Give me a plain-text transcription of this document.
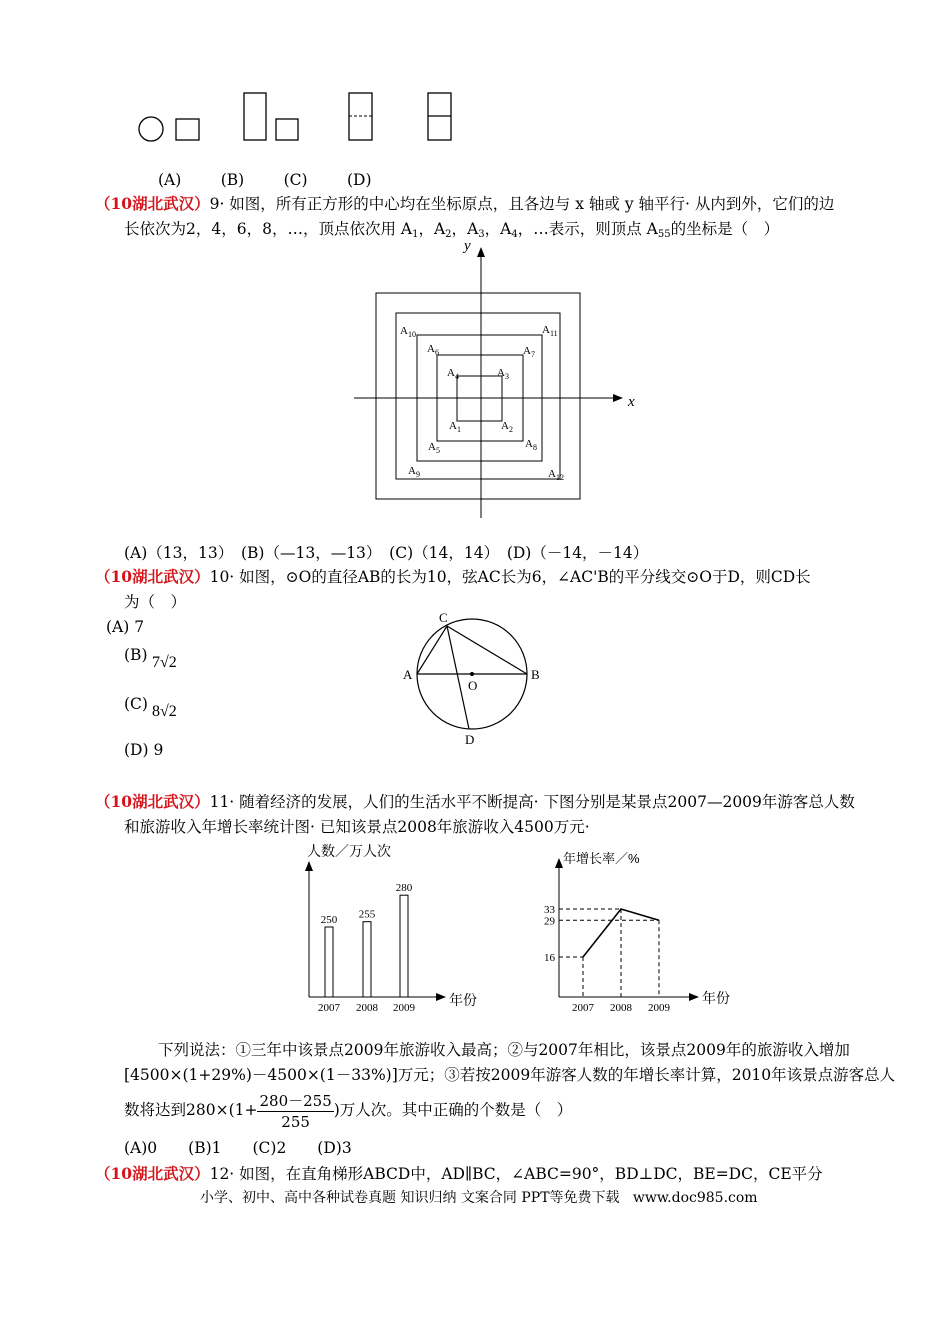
(A)        (B)        (C)        (D)
（10湖北武汉）9· 如图，所有正方形的中心均在坐标原点，且各边与 x 轴或 y 轴平行· 从内到外，它们的边
长依次为2，4，6，8，…，顶点依次用 $A_1$，$A_2$，$A_3$，$A_4$，…表示，则顶点 $A_{55}$的坐标是（　）
x
y
$A_1$	$A_2$
$A_3$
$A_4$
$A_5$
$A_6$	$A_7$
$A_8$
$A_9$
$A_{10}$	$A_{11}$
$A_{12}$
(A)（13，13）　(B)（—13，—13）　(C)（14，14）　(D)（－14，－14）
（10湖北武汉）10· 如图，⊙O的直径AB的长为10，弦AC长为6，∠AC'B的平分线交⊙O于D，则CD长
为（　）
(A) 7
(B) 7√2
(C) 8√2
(D) 9
C
A	B
O
D
（10湖北武汉）11· 随着经济的发展，人们的生活水平不断提高· 下图分别是某景点2007—2009年游客总人数
和旅游收入年增长率统计图· 已知该景点2008年旅游收入4500万元·
人数／万人次
年份
250
2007
255
2008
280
2009
年增长率／%
年份
16
29
33
2007 2008 2009
下列说法：①三年中该景点2009年旅游收入最高；②与2007年相比，该景点2009年的旅游收入增加
[4500×(1+29%)－4500×(1－33%)]万元；③若按2009年游客人数的年增长率计算，2010年该景点游客总人
数将达到$280\times(1+ \frac{280-255}{255}$ )万人次。其中正确的个数是（　）
(A)0　　(B)1　　(C)2　　(D)3
（10湖北武汉）12· 如图，在直角梯形ABCD中，AD∥BC，∠ABC=90°，BD⊥DC，BE=DC，CE平分
小学、初中、高中各种试卷真题 知识归纳 文案合同 PPT等免费下载   www.doc985.com
